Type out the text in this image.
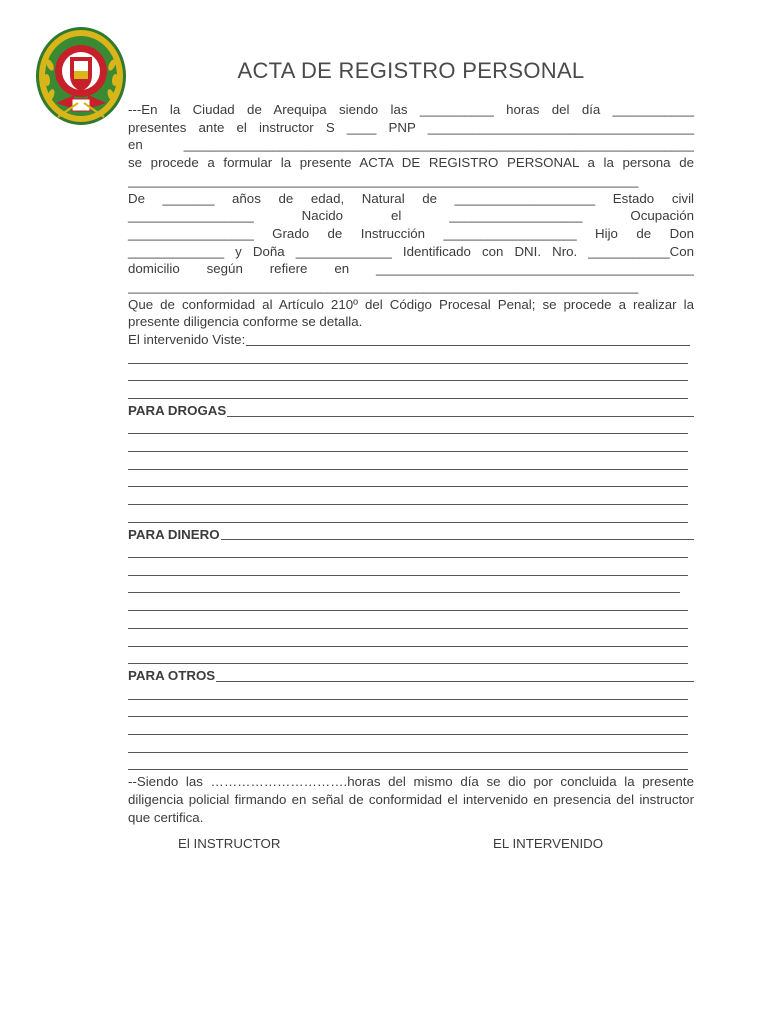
ACTA DE REGISTRO PERSONAL
---En la Ciudad de Arequipa siendo las __________ horas del día ___________
presentes ante el instructor S ____ PNP ____________________________________
en _____________________________________________________________________
se procede a formular la presente ACTA DE REGISTRO PERSONAL a la persona de
_____________________________________________________________________
De _______ años de edad, Natural de ___________________ Estado civil
_________________ Nacido el __________________ Ocupación
_________________ Grado de Instrucción __________________ Hijo de Don
_____________ y Doña _____________ Identificado con DNI. Nro. ___________Con
domicilio según refiere en ___________________________________________
_____________________________________________________________________
Que de conformidad al Artículo 210º del Código Procesal Penal; se procede a realizar la presente diligencia conforme se detalla.
El intervenido Viste:
PARA DROGAS
PARA DINERO
PARA OTROS
--Siendo las ………………………….horas del mismo día se dio por concluida la presente diligencia policial firmando en señal de conformidad el intervenido en presencia del instructor que certifica.
El INSTRUCTOR	EL INTERVENIDO
